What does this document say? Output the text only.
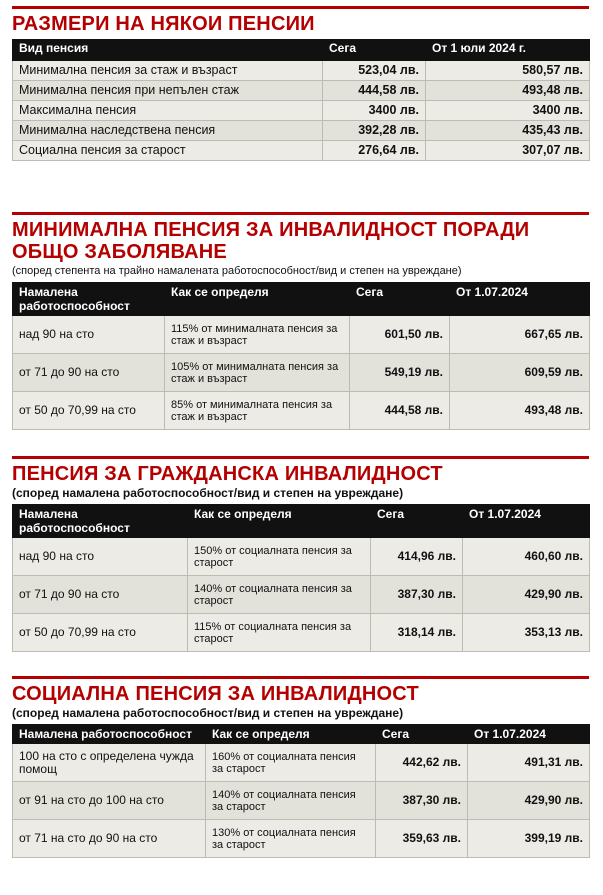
РАЗМЕРИ НА НЯКОИ ПЕНСИИ
Вид пенсия	Сега	От 1 юли 2024 г.
Минимална пенсия за стаж и възраст	523,04 лв.	580,57 лв.
Минимална пенсия при непълен стаж	444,58 лв.	493,48 лв.
Максимална пенсия	3400 лв.	3400 лв.
Минимална наследствена пенсия	392,28 лв.	435,43 лв.
Социална пенсия за старост	276,64 лв.	307,07 лв.
МИНИМАЛНА ПЕНСИЯ ЗА ИНВАЛИДНОСТ ПОРАДИ ОБЩО ЗАБОЛЯВАНЕ
(според степента на трайно намалената работоспособност/вид и степен на увреждане)
Намалена работоспособност	Как се определя	Сега	От 1.07.2024
над 90 на сто	115% от минималната пенсия за стаж и възраст	601,50 лв.	667,65 лв.
от 71 до 90 на сто	105% от минималната пенсия за стаж и възраст	549,19 лв.	609,59 лв.
от 50 до 70,99 на сто	85% от минималната пенсия за стаж и възраст	444,58 лв.	493,48 лв.
ПЕНСИЯ ЗА ГРАЖДАНСКА ИНВАЛИДНОСТ
(според намалена работоспособност/вид и степен на увреждане)
Намалена работоспособност	Как се определя	Сега	От 1.07.2024
над 90 на сто	150% от социалната пенсия за старост	414,96 лв.	460,60 лв.
от 71 до 90 на сто	140% от социалната пенсия за старост	387,30 лв.	429,90 лв.
от 50 до 70,99 на сто	115% от социалната пенсия за старост	318,14 лв.	353,13 лв.
СОЦИАЛНА ПЕНСИЯ ЗА ИНВАЛИДНОСТ
(според намалена работоспособност/вид и степен на увреждане)
Намалена работоспособност	Как се определя	Сега	От 1.07.2024
100 на сто с определена чужда помощ	160% от социалната пенсия за старост	442,62 лв.	491,31 лв.
от 91 на сто до 100 на сто	140% от социалната пенсия за старост	387,30 лв.	429,90 лв.
от 71 на сто до 90 на сто	130% от социалната пенсия за старост	359,63 лв.	399,19 лв.
